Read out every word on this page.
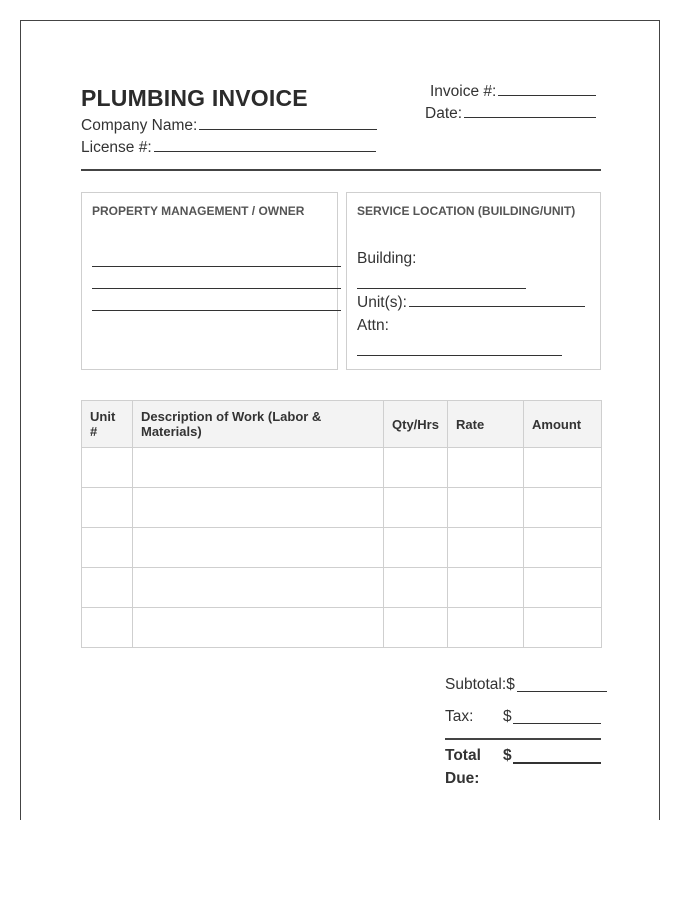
PLUMBING INVOICE
Company Name:
License #:
Invoice #:
Date:
PROPERTY MANAGEMENT / OWNER	SERVICE LOCATION (BUILDING/UNIT)
Building:
Unit(s):
Attn:
Unit #	Description of Work (Labor & Materials)	Qty/Hrs	Rate	Amount

Subtotal:$
Tax: $
Total
Due:
$
